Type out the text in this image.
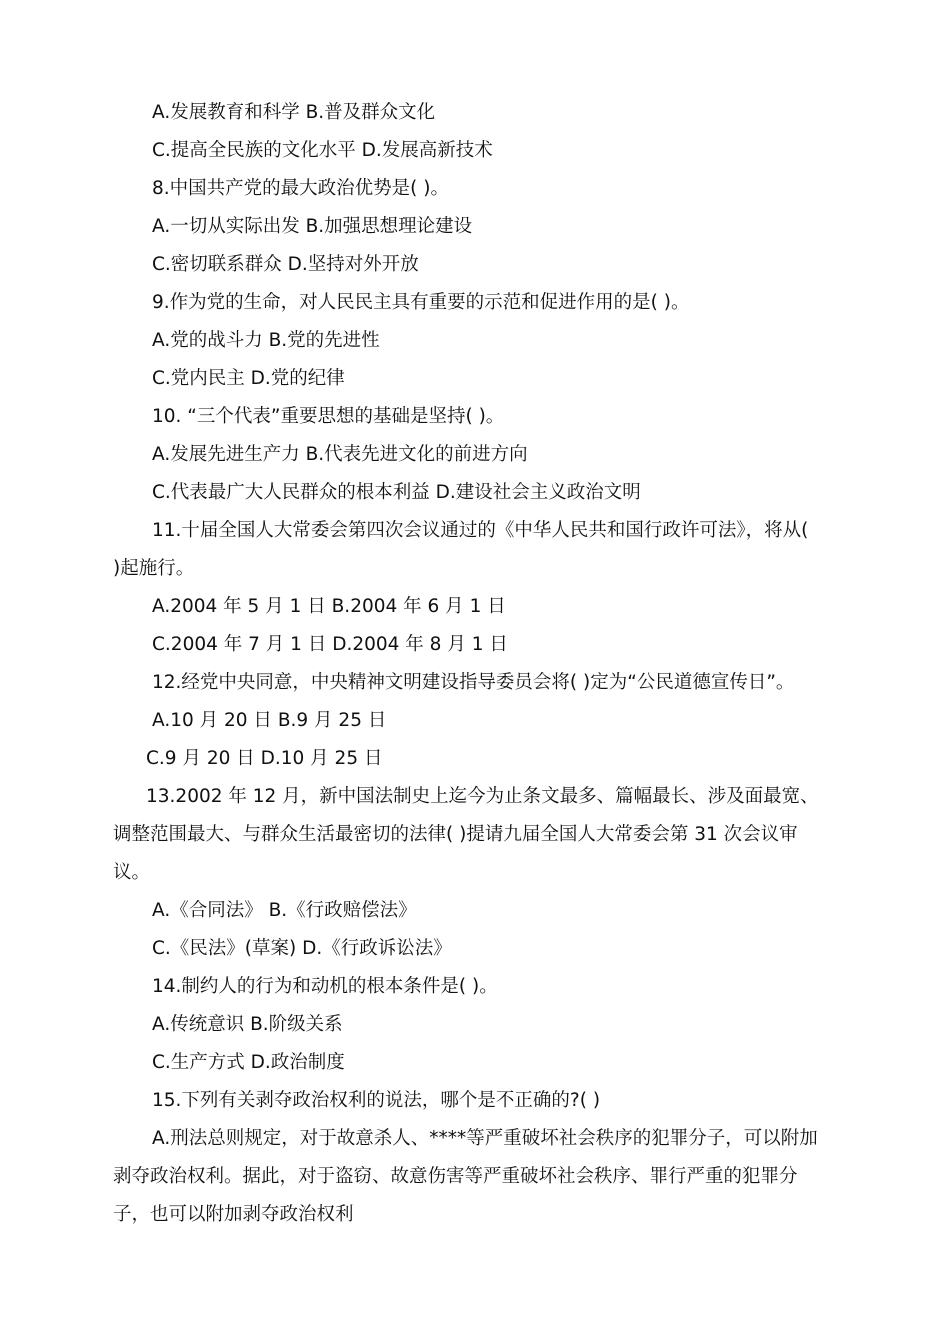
A.发展教育和科学 B.普及群众文化
C.提高全民族的文化水平 D.发展高新技术
8.中国共产党的最大政治优势是( )。
A.一切从实际出发 B.加强思想理论建设
C.密切联系群众 D.坚持对外开放
9.作为党的生命，对人民民主具有重要的示范和促进作用的是( )。
A.党的战斗力 B.党的先进性
C.党内民主 D.党的纪律
10. “三个代表”重要思想的基础是坚持( )。
A.发展先进生产力 B.代表先进文化的前进方向
C.代表最广大人民群众的根本利益 D.建设社会主义政治文明
11.十届全国人大常委会第四次会议通过的《中华人民共和国行政许可法》，将从(
)起施行。
A.2004 年 5 月 1 日 B.2004 年 6 月 1 日
C.2004 年 7 月 1 日 D.2004 年 8 月 1 日
12.经党中央同意，中央精神文明建设指导委员会将( )定为“公民道德宣传日”。
A.10 月 20 日 B.9 月 25 日
C.9 月 20 日 D.10 月 25 日
13.2002 年 12 月，新中国法制史上迄今为止条文最多、篇幅最长、涉及面最宽、
调整范围最大、与群众生活最密切的法律( )提请九届全国人大常委会第 31 次会议审
议。
A.《合同法》 B.《行政赔偿法》
C.《民法》(草案) D.《行政诉讼法》
14.制约人的行为和动机的根本条件是( )。
A.传统意识 B.阶级关系
C.生产方式 D.政治制度
15.下列有关剥夺政治权利的说法，哪个是不正确的?( )
A.刑法总则规定，对于故意杀人、****等严重破坏社会秩序的犯罪分子，可以附加
剥夺政治权利。据此，对于盗窃、故意伤害等严重破坏社会秩序、罪行严重的犯罪分
子，也可以附加剥夺政治权利
